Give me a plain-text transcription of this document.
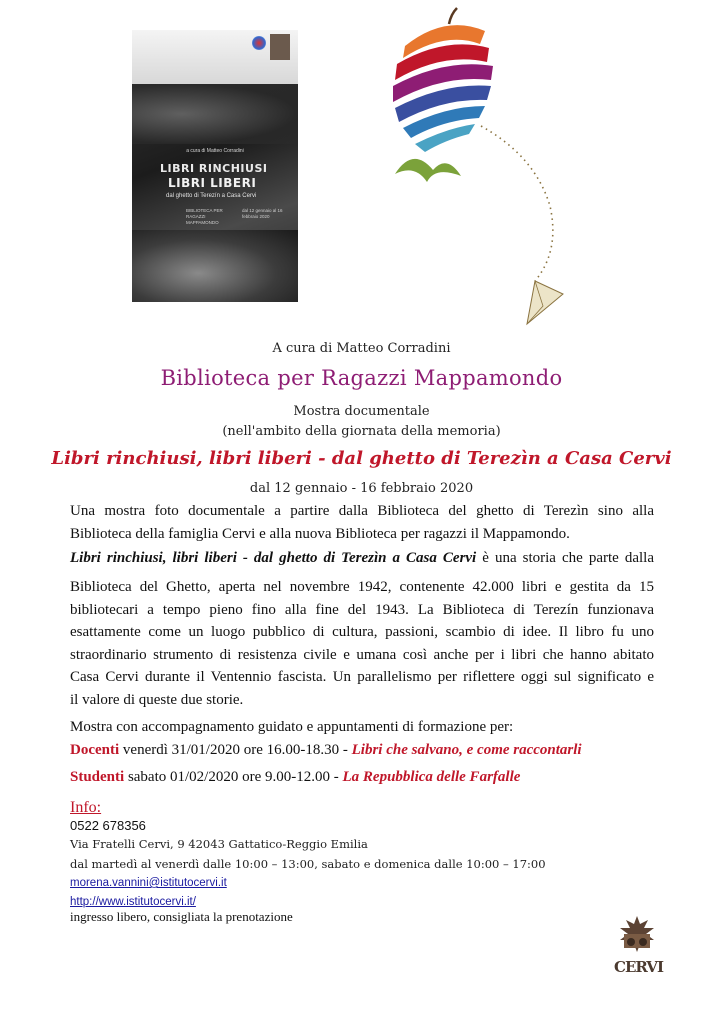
a cura di Matteo Corradini
LIBRI RINCHIUSI
LIBRI LIBERI
dal ghetto di Terezín a Casa Cervi
BIBLIOTECA PER RAGAZZI MAPPAMONDO
dal 12 gennaio al 16 febbraio 2020
A cura di Matteo Corradini
Biblioteca per Ragazzi Mappamondo
Mostra documentale
(nell'ambito della giornata della memoria)
Libri rinchiusi, libri liberi - dal ghetto di Terezìn a Casa Cervi
dal 12 gennaio - 16 febbraio 2020
Una mostra foto documentale a partire dalla Biblioteca del ghetto di Terezìn sino alla
Biblioteca della famiglia Cervi e alla nuova Biblioteca per ragazzi il Mappamondo.
Libri rinchiusi, libri liberi - dal ghetto di Terezìn a Casa Cervi è una storia che parte dalla
Biblioteca del Ghetto, aperta nel novembre 1942, contenente 42.000 libri e gestita da 15
bibliotecari a tempo pieno fino alla fine del 1943. La Biblioteca di Terezín funzionava
esattamente come un luogo pubblico di cultura, passioni, scambio di idee. Il libro fu uno
straordinario strumento di resistenza civile e umana così anche per i libri che hanno abitato
Casa Cervi durante il Ventennio fascista. Un parallelismo per riflettere oggi sul significato e
il valore di queste due storie.
Mostra con accompagnamento guidato e appuntamenti di formazione per:
Docenti venerdì 31/01/2020 ore 16.00-18.30 - Libri che salvano, e come raccontarli
Studenti sabato 01/02/2020 ore 9.00-12.00 - La Repubblica delle Farfalle
Info:
0522 678356
Via Fratelli Cervi, 9 42043 Gattatico-Reggio Emilia
dal martedì al venerdì dalle 10:00 – 13:00, sabato e domenica dalle 10:00 – 17:00
morena.vannini@istitutocervi.it
http://www.istitutocervi.it/
ingresso libero, consigliata la prenotazione
CERVI
